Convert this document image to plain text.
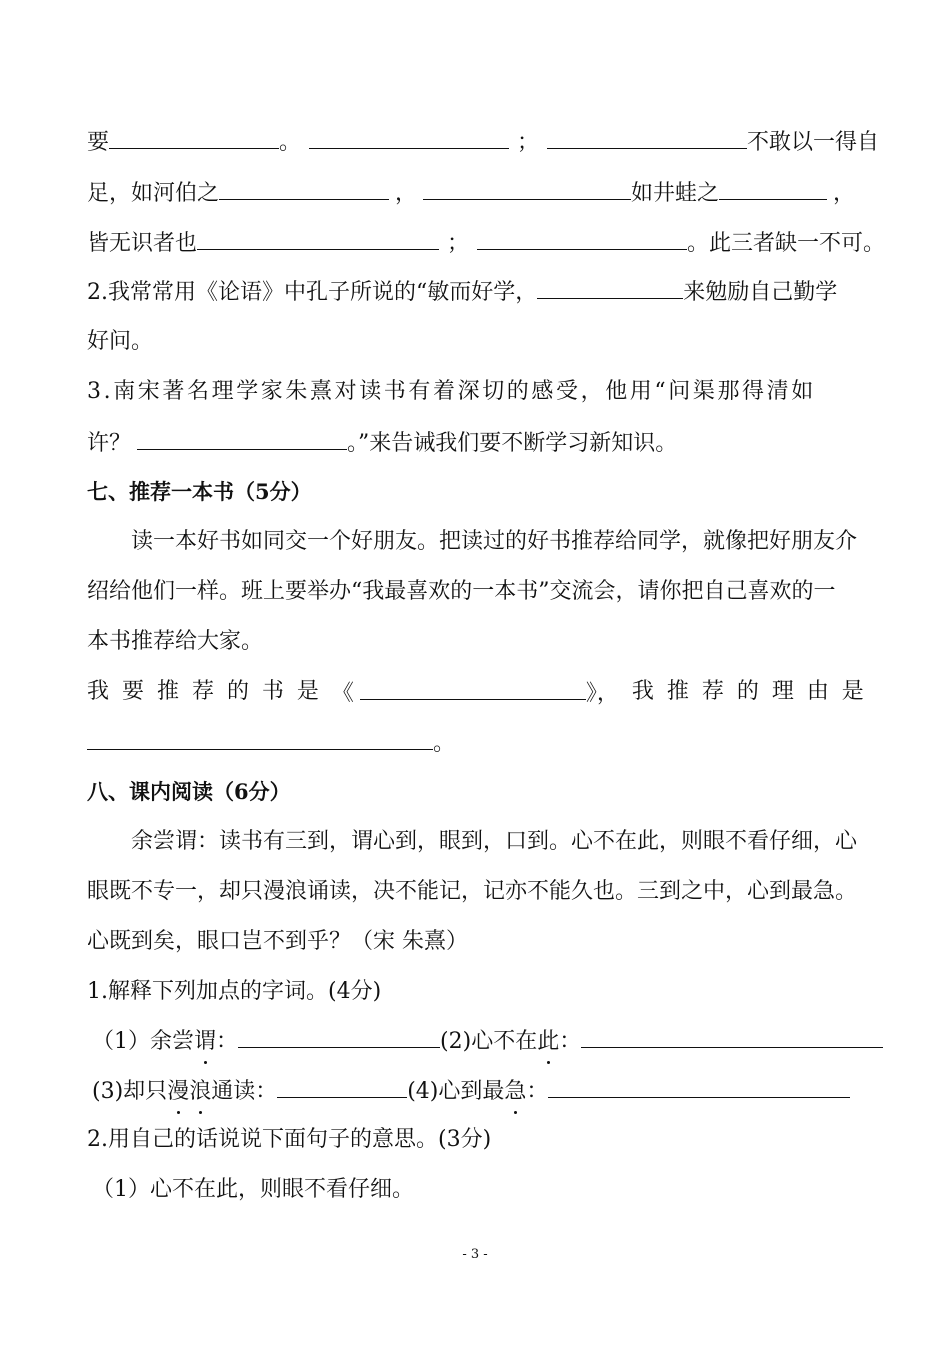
要	。	；	不敢以一得自
足，如河伯之	，	如井蛙之	，
皆无识者也	；	。此三者缺一不可。
2.我常常用《论语》中孔子所说的“敏而好学，	来勉励自己勤学
好问。
3.南宋著名理学家朱熹对读书有着深切的感受，他用“问渠那得清如
许？	。”来告诫我们要不断学习新知识。
七、推荐一本书（5分）
读一本好书如同交一个好朋友。把读过的好书推荐给同学，就像把好朋友介
绍给他们一样。班上要举办“我最喜欢的一本书”交流会，请你把自己喜欢的一
本书推荐给大家。
我 要 推 荐 的 书 是 《	》， 我 推 荐 的 理 由 是
。
八、课内阅读（6分）
余尝谓：读书有三到，谓心到，眼到，口到。心不在此，则眼不看仔细，心
眼既不专一，却只漫浪诵读，决不能记，记亦不能久也。三到之中，心到最急。
心既到矣，眼口岂不到乎？（宋 朱熹）
1.解释下列加点的字词。(4分)
（1）余尝谓：	(2)心不在此：
(3)却只漫浪通读：	(4)心到最急：
2.用自己的话说说下面句子的意思。(3分)
（1）心不在此，则眼不看仔细。
- 3 -
